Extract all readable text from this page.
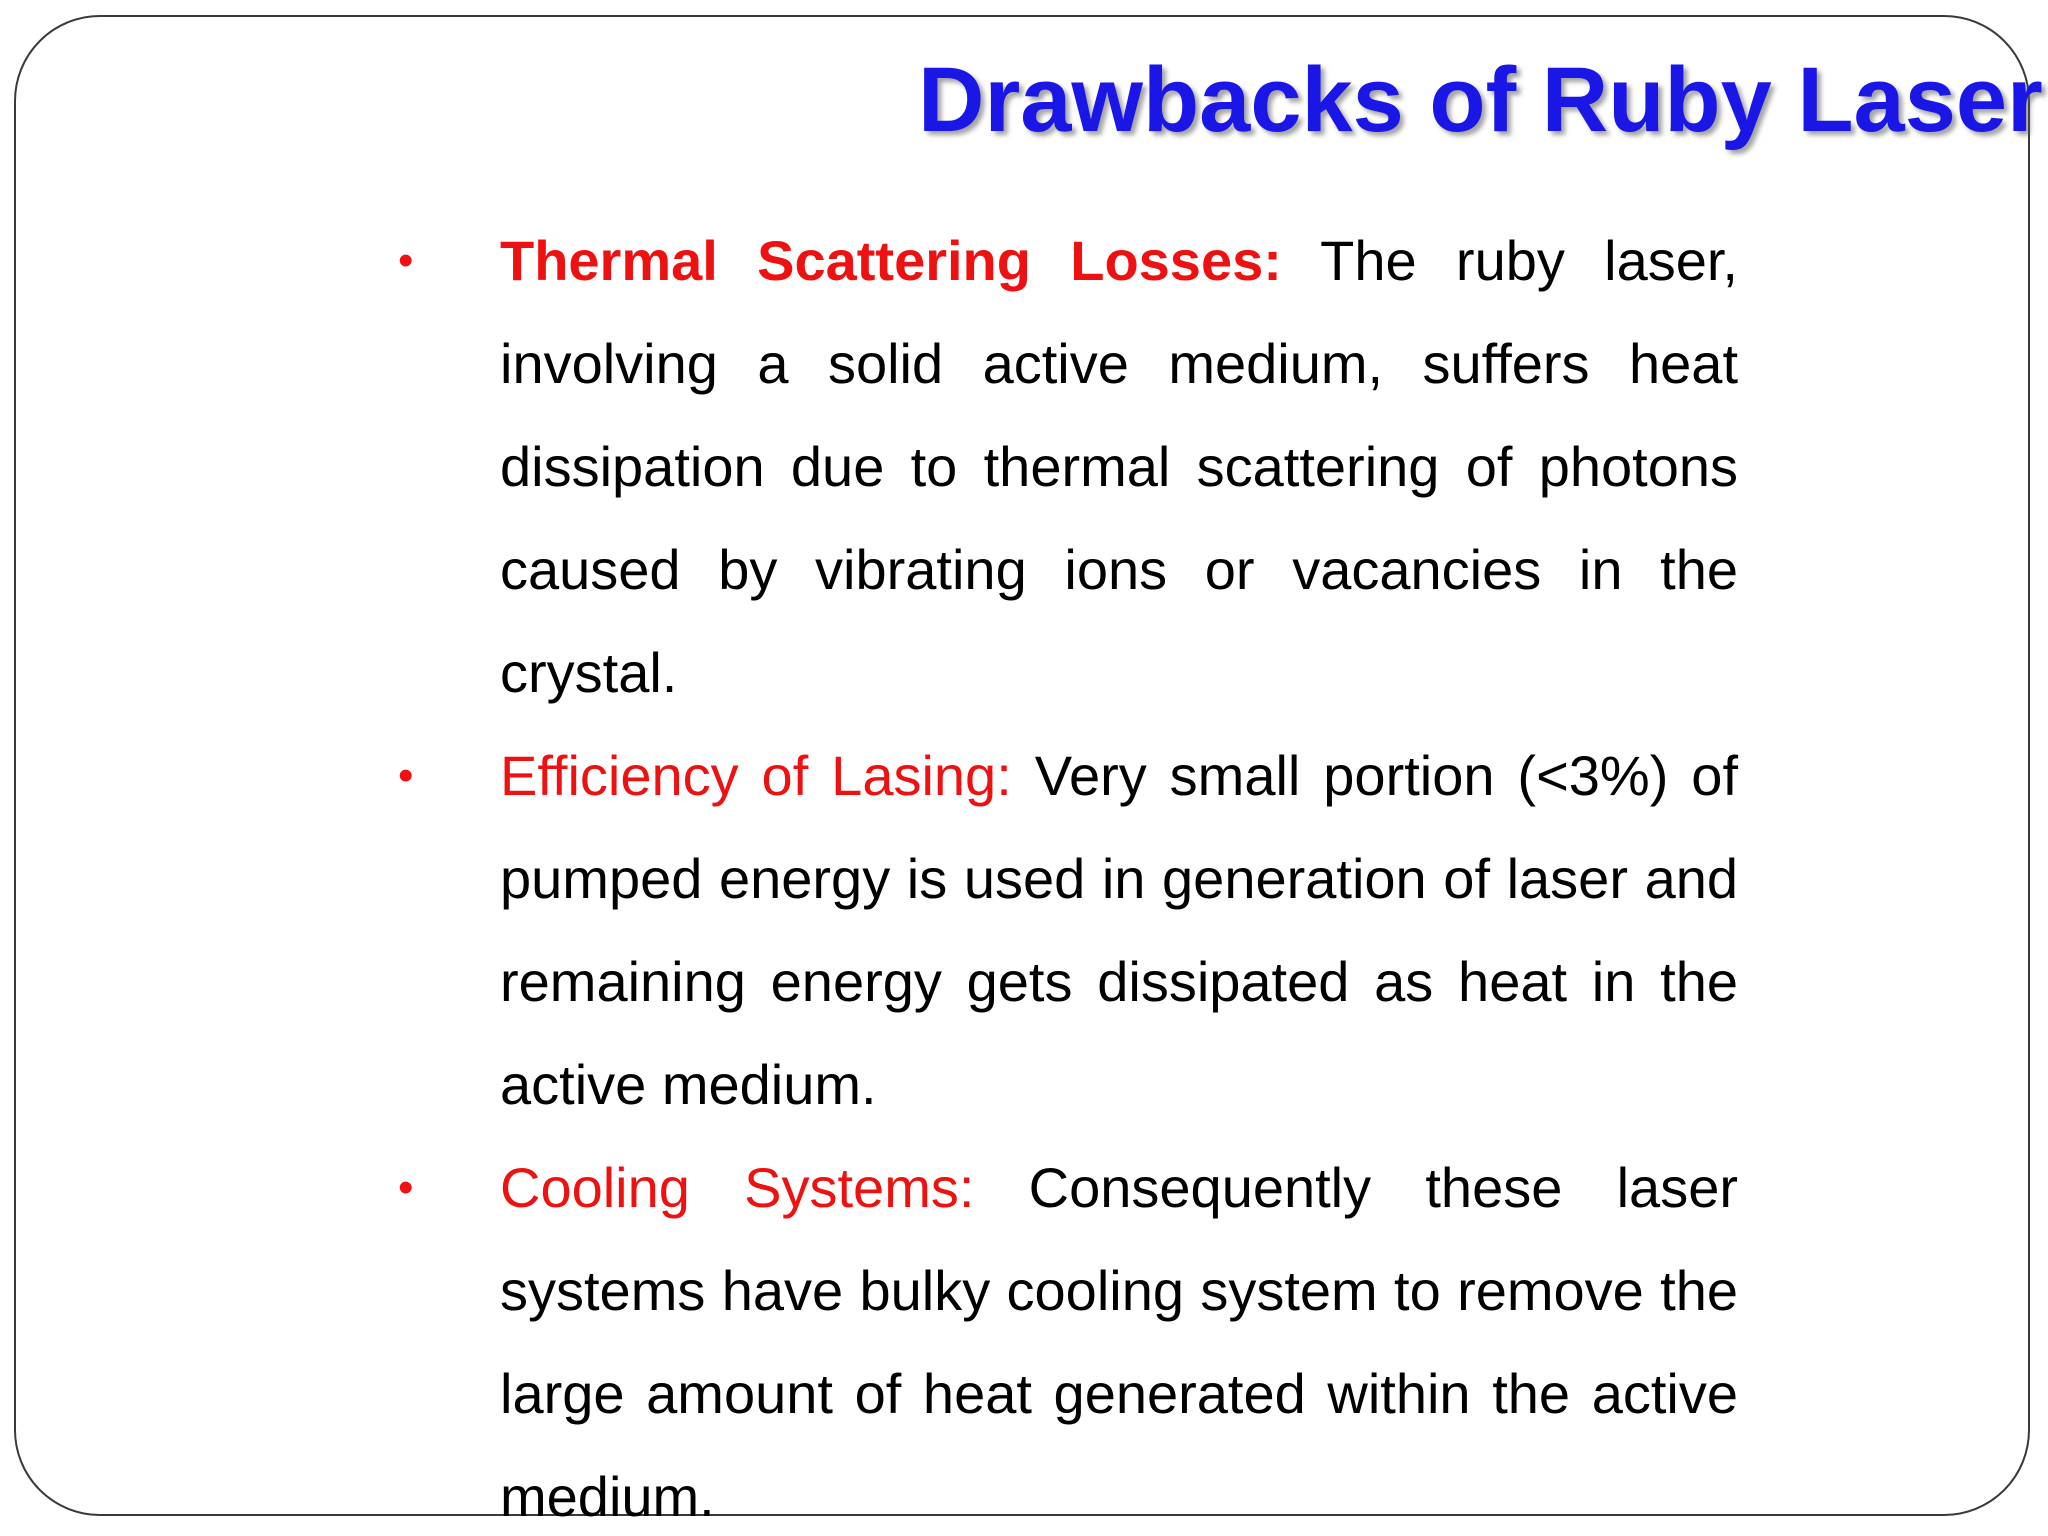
Drawbacks of Ruby Laser
• Thermal Scattering Losses: The ruby laser, involving a solid active medium, suffers heat dissipation due to thermal scattering of photons caused by vibrating ions or vacancies in the crystal.
• Efficiency of Lasing: Very small portion (<3%) of pumped energy is used in generation of laser and remaining energy gets dissipated as heat in the active medium.
• Cooling Systems: Consequently these laser systems have bulky cooling system to remove the large amount of heat generated within the active medium.
